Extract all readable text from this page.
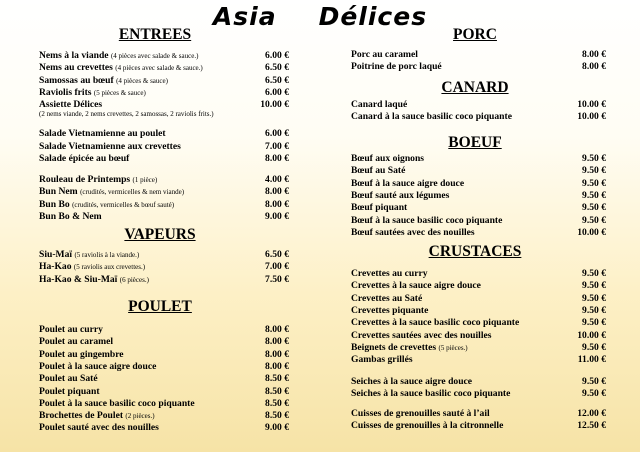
Asia Délices
ENTREES
Nems à la viande (4 pièces avec salade & sauce.)	6.00 €
Nems au crevettes (4 pièces avec salade & sauce.)	6.50 €
Samossas au bœuf (4 pièces & sauce)	6.50 €
Raviolis frits (5 pièces & sauce)	6.00 €
Assiette Délices	10.00 €
(2 nems viande, 2 nems crevettes, 2 samossas, 2 raviolis frits.)
Salade Vietnamienne au poulet	6.00 €
Salade Vietnamienne aux crevettes	7.00 €
Salade épicée au bœuf	8.00 €
Rouleau de Printemps (1 pièce)	4.00 €
Bun Nem (crudités, vermicelles & nem viande)	8.00 €
Bun Bo (crudités, vermicelles & bœuf sauté)	8.00 €
Bun Bo & Nem	9.00 €
VAPEURS
Siu-Maï (5 raviolis à la viande.)	6.50 €
Ha-Kao (5 raviolis aux crevettes.)	7.00 €
Ha-Kao & Siu-Maï (6 pièces.)	7.50 €
POULET
Poulet au curry	8.00 €
Poulet au caramel	8.00 €
Poulet au gingembre	8.00 €
Poulet à la sauce aigre douce	8.00 €
Poulet au Saté	8.50 €
Poulet piquant	8.50 €
Poulet à la sauce basilic coco piquante	8.50 €
Brochettes de Poulet (2 pièces.)	8.50 €
Poulet sauté avec des nouilles	9.00 €
PORC
Porc au caramel	8.00 €
Poitrine de porc laqué	8.00 €
CANARD
Canard laqué	10.00 €
Canard à la sauce basilic coco piquante	10.00 €
BOEUF
Bœuf aux oignons	9.50 €
Bœuf au Saté	9.50 €
Bœuf à la sauce aigre douce	9.50 €
Bœuf sauté aux légumes	9.50 €
Bœuf piquant	9.50 €
Bœuf à la sauce basilic coco piquante	9.50 €
Bœuf sautées avec des nouilles	10.00 €
CRUSTACES
Crevettes au curry	9.50 €
Crevettes à la sauce aigre douce	9.50 €
Crevettes au Saté	9.50 €
Crevettes piquante	9.50 €
Crevettes à la sauce basilic coco piquante	9.50 €
Crevettes sautées avec des nouilles	10.00 €
Beignets de crevettes (5 pièces.)	9.50 €
Gambas grillés	11.00 €
Seiches à la sauce aigre douce	9.50 €
Seiches à la sauce basilic coco piquante	9.50 €
Cuisses de grenouilles sauté à l’ail	12.00 €
Cuisses de grenouilles à la citronnelle	12.50 €
